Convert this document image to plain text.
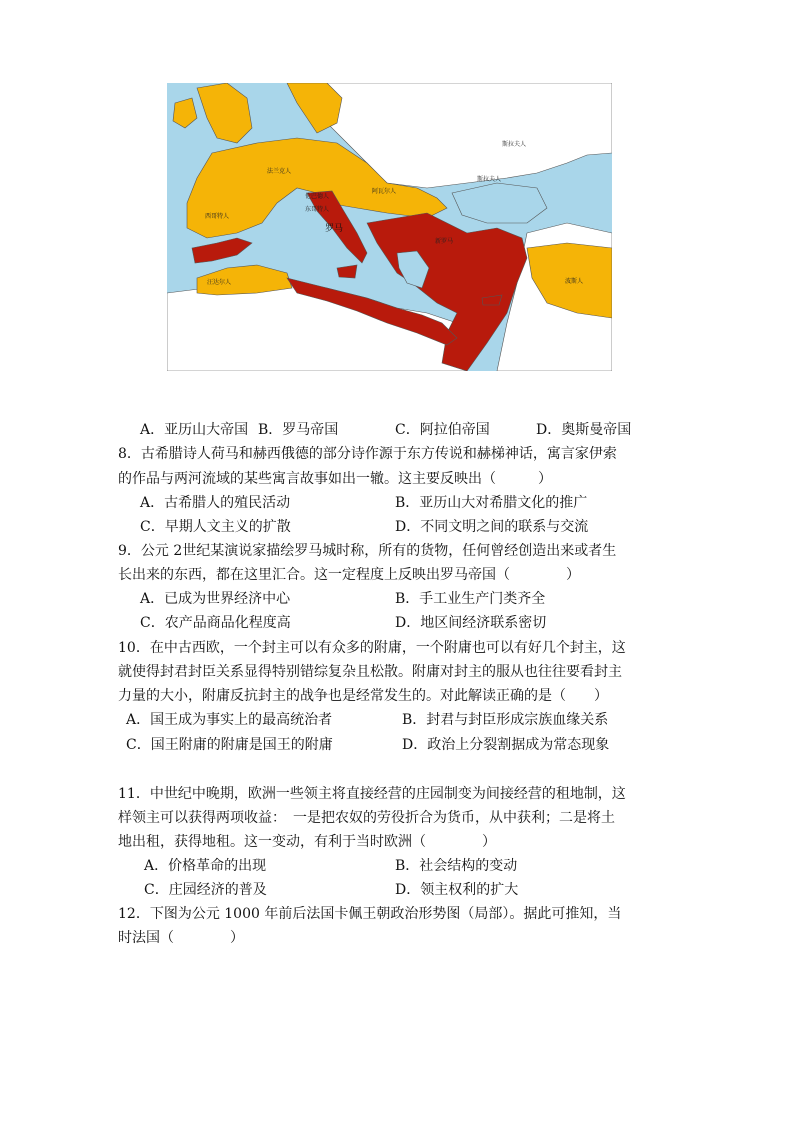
斯拉夫人
法兰克人
西哥特人
伦巴德人
阿瓦尔人
东哥特人
罗马
新罗马
汪达尔人	波斯人
斯拉夫人
A．亚历山大帝国 B．罗马帝国	C．阿拉伯帝国	D．奥斯曼帝国
8．古希腊诗人荷马和赫西俄德的部分诗作源于东方传说和赫梯神话，寓言家伊索
的作品与两河流域的某些寓言故事如出一辙。这主要反映出（　　　）
A．古希腊人的殖民活动	B．亚历山大对希腊文化的推广
C．早期人文主义的扩散	D．不同文明之间的联系与交流
9．公元 2世纪某演说家描绘罗马城时称，所有的货物，任何曾经创造出来或者生
长出来的东西，都在这里汇合。这一定程度上反映出罗马帝国（　　　　）
A．已成为世界经济中心	B．手工业生产门类齐全
C．农产品商品化程度高	D．地区间经济联系密切
10．在中古西欧，一个封主可以有众多的附庸，一个附庸也可以有好几个封主，这
就使得封君封臣关系显得特别错综复杂且松散。附庸对封主的服从也往往要看封主
力量的大小，附庸反抗封主的战争也是经常发生的。对此解读正确的是（　　）
A．国王成为事实上的最高统治者	B．封君与封臣形成宗族血缘关系
C．国王附庸的附庸是国王的附庸	D．政治上分裂割据成为常态现象
11．中世纪中晚期，欧洲一些领主将直接经营的庄园制变为间接经营的租地制，这
样领主可以获得两项收益：　一是把农奴的劳役折合为货币，从中获利；二是将土
地出租，获得地租。这一变动，有利于当时欧洲（　　　　）
A．价格革命的出现	B．社会结构的变动
C．庄园经济的普及	D．领主权利的扩大
12．下图为公元 1000 年前后法国卡佩王朝政治形势图（局部）。据此可推知，当
时法国（　　　　）
